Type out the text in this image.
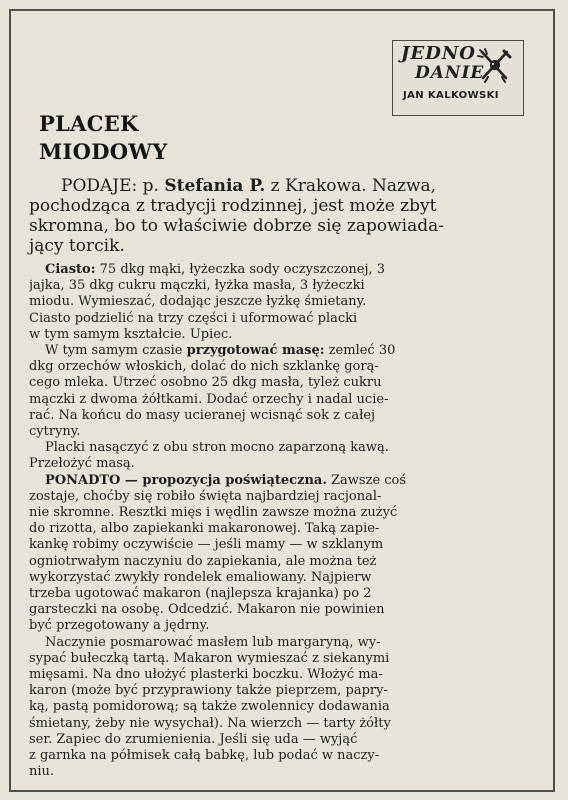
JEDNO
DANIE
JAN KALKOWSKI
PLACEK
MIODOWY
PODAJE: p. Stefania P. z Krakowa. Nazwa,
pochodząca z tradycji rodzinnej, jest może zbyt
skromna, bo to właściwie dobrze się zapowiada-
jący torcik.
Ciasto: 75 dkg mąki, łyżeczka sody oczyszczonej, 3
jajka, 35 dkg cukru mączki, łyżka masła, 3 łyżeczki
miodu. Wymieszać, dodając jeszcze łyżkę śmietany.
Ciasto podzielić na trzy części i uformować placki
w tym samym kształcie. Upiec.
W tym samym czasie przygotować masę: zemleć 30
dkg orzechów włoskich, dolać do nich szklankę gorą-
cego mleka. Utrzeć osobno 25 dkg masła, tyleż cukru
mączki z dwoma żółtkami. Dodać orzechy i nadal ucie-
rać. Na końcu do masy ucieranej wcisnąć sok z całej
cytryny.
Placki nasączyć z obu stron mocno zaparzoną kawą.
Przełożyć masą.
PONADTO — propozycja poświąteczna. Zawsze coś
zostaje, choćby się robiło święta najbardziej racjonal-
nie skromne. Resztki mięs i wędlin zawsze można zużyć
do rizotta, albo zapiekanki makaronowej. Taką zapie-
kankę robimy oczywiście — jeśli mamy — w szklanym
ogniotrwałym naczyniu do zapiekania, ale można też
wykorzystać zwykły rondelek emaliowany. Najpierw
trzeba ugotować makaron (najlepsza krajanka) po 2
garsteczki na osobę. Odcedzić. Makaron nie powinien
być przegotowany a jędrny.
Naczynie posmarować masłem lub margaryną, wy-
sypać bułeczką tartą. Makaron wymieszać z siekanymi
mięsami. Na dno ułożyć plasterki boczku. Włożyć ma-
karon (może być przyprawiony także pieprzem, papry-
ką, pastą pomidorową; są także zwolennicy dodawania
śmietany, żeby nie wysychał). Na wierzch — tarty żółty
ser. Zapiec do zrumienienia. Jeśli się uda — wyjąć
z garnka na półmisek całą babkę, lub podać w naczy-
niu.
